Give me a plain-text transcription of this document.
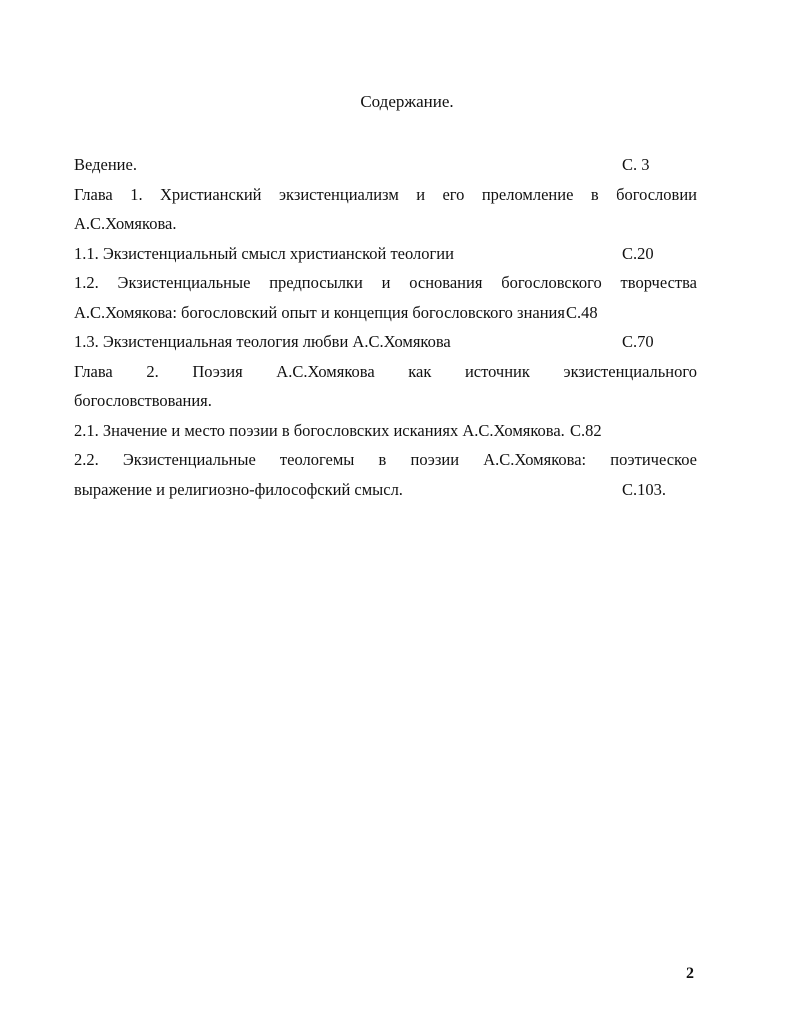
Содержание.
Ведение.	С. 3
Глава 1. Христианский экзистенциализм и его преломление в богословии
А.С.Хомякова.
1.1. Экзистенциальный смысл христианской теологии	С.20
1.2. Экзистенциальные предпосылки и основания богословского творчества
А.С.Хомякова: богословский опыт и концепция богословского знанияС.48
1.3. Экзистенциальная теология любви А.С.Хомякова	С.70
Глава 2. Поэзия А.С.Хомякова как источник экзистенциального
богословствования.
2.1. Значение и место поэзии в богословских исканиях А.С.Хомякова. С.82
2.2. Экзистенциальные теологемы в поэзии А.С.Хомякова: поэтическое
выражение и религиозно-философский смысл.	С.103.
2
